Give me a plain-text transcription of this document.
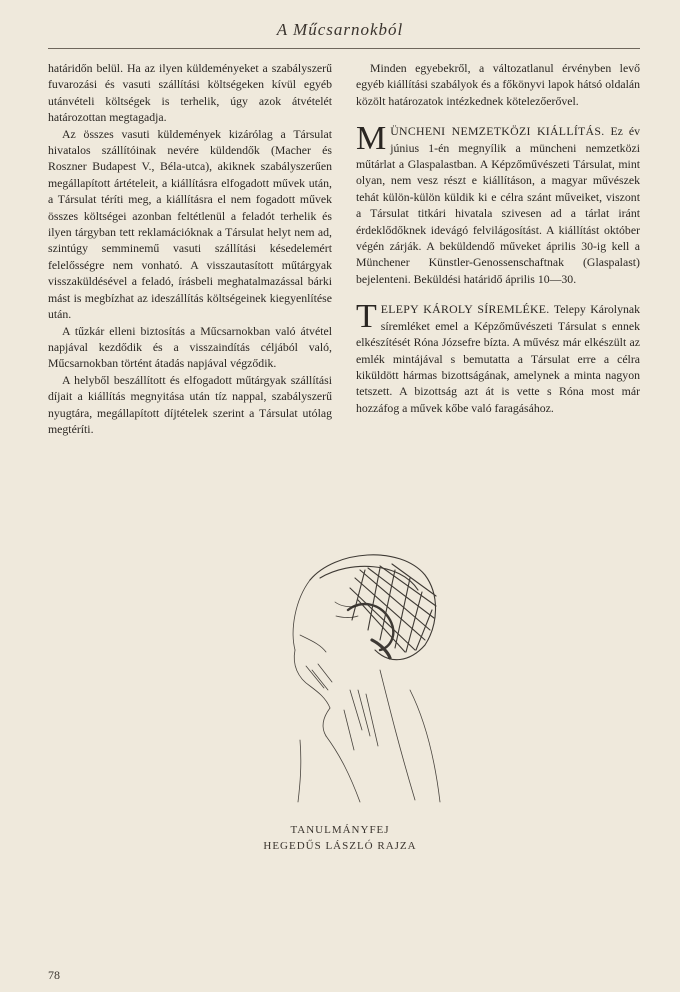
A Műcsarnokból

határidőn belül. Ha az ilyen küldeményeket a szabályszerű fuvarozási és vasuti szállítási költségeken kívül egyéb utánvételi költségek is terhelik, úgy azok átvételét határozottan megtagadja.

Az összes vasuti küldemények kizárólag a Társulat hivatalos szállítóinak nevére küldendők (Macher és Roszner Budapest V., Béla-utca), akiknek szabályszerűen megállapított ártételeit, a kiállításra elfogadott művek után, a Társulat téríti meg, a kiállításra el nem fogadott művek összes költségei azonban feltétlenül a feladót terhelik és ilyen tárgyban tett reklamációknak a Társulat helyt nem ad, szintúgy semminemű vasuti szállítási késedelemért felelősségre nem vonható. A visszautasított műtárgyak visszaküldésével a feladó, írásbeli meghatalmazással bárki mást is megbízhat az ideszállítás költségeinek kiegyenlítése után.

A tűzkár elleni biztosítás a Műcsarnokban való átvétel napjával kezdődik és a visszaindítás céljából való, Műcsarnokban történt átadás napjával végződik.

A helyből beszállított és elfogadott műtárgyak szállítási díjait a kiállítás megnyitása után tíz nappal, szabályszerű nyugtára, megállapított díjtételek szerint a Társulat utólag megtéríti.

Minden egyebekről, a változatlanul érvényben levő egyéb kiállítási szabályok és a főkönyvi lapok hátsó oldalán közölt határozatok intézkednek kötelezőerővel.

MÜNCHENI NEMZETKÖZI KIÁLLÍTÁS. Ez év június 1-én megnyílik a müncheni nemzetközi műtárlat a Glaspalastban. A Képzőművészeti Társulat, mint olyan, nem vesz részt e kiállításon, a magyar művészek tehát külön-külön küldik ki e célra szánt műveiket, viszont a Társulat titkári hivatala szivesen ad a tárlat iránt érdeklődőknek idevágó felvilágosítást. A kiállítást október végén zárják. A beküldendő műveket április 30-ig kell a Münchener Künstler-Genossenschaftnak (Glaspalast) bejelenteni. Beküldési határidő április 10—30.

TELEPY KÁROLY SÍREMLÉKE. Telepy Károlynak síremléket emel a Képzőművészeti Társulat s ennek elkészítését Róna Józsefre bízta. A művész már elkészült az emlék mintájával s bemutatta a Társulat erre a célra kiküldött hármas bizottságának, amelynek a minta nagyon tetszett. A bizottság azt át is vette s Róna most már hozzáfog a művek kőbe való faragásához.

TANULMÁNYFEJ
HEGEDŰS LÁSZLÓ RAJZA
78
